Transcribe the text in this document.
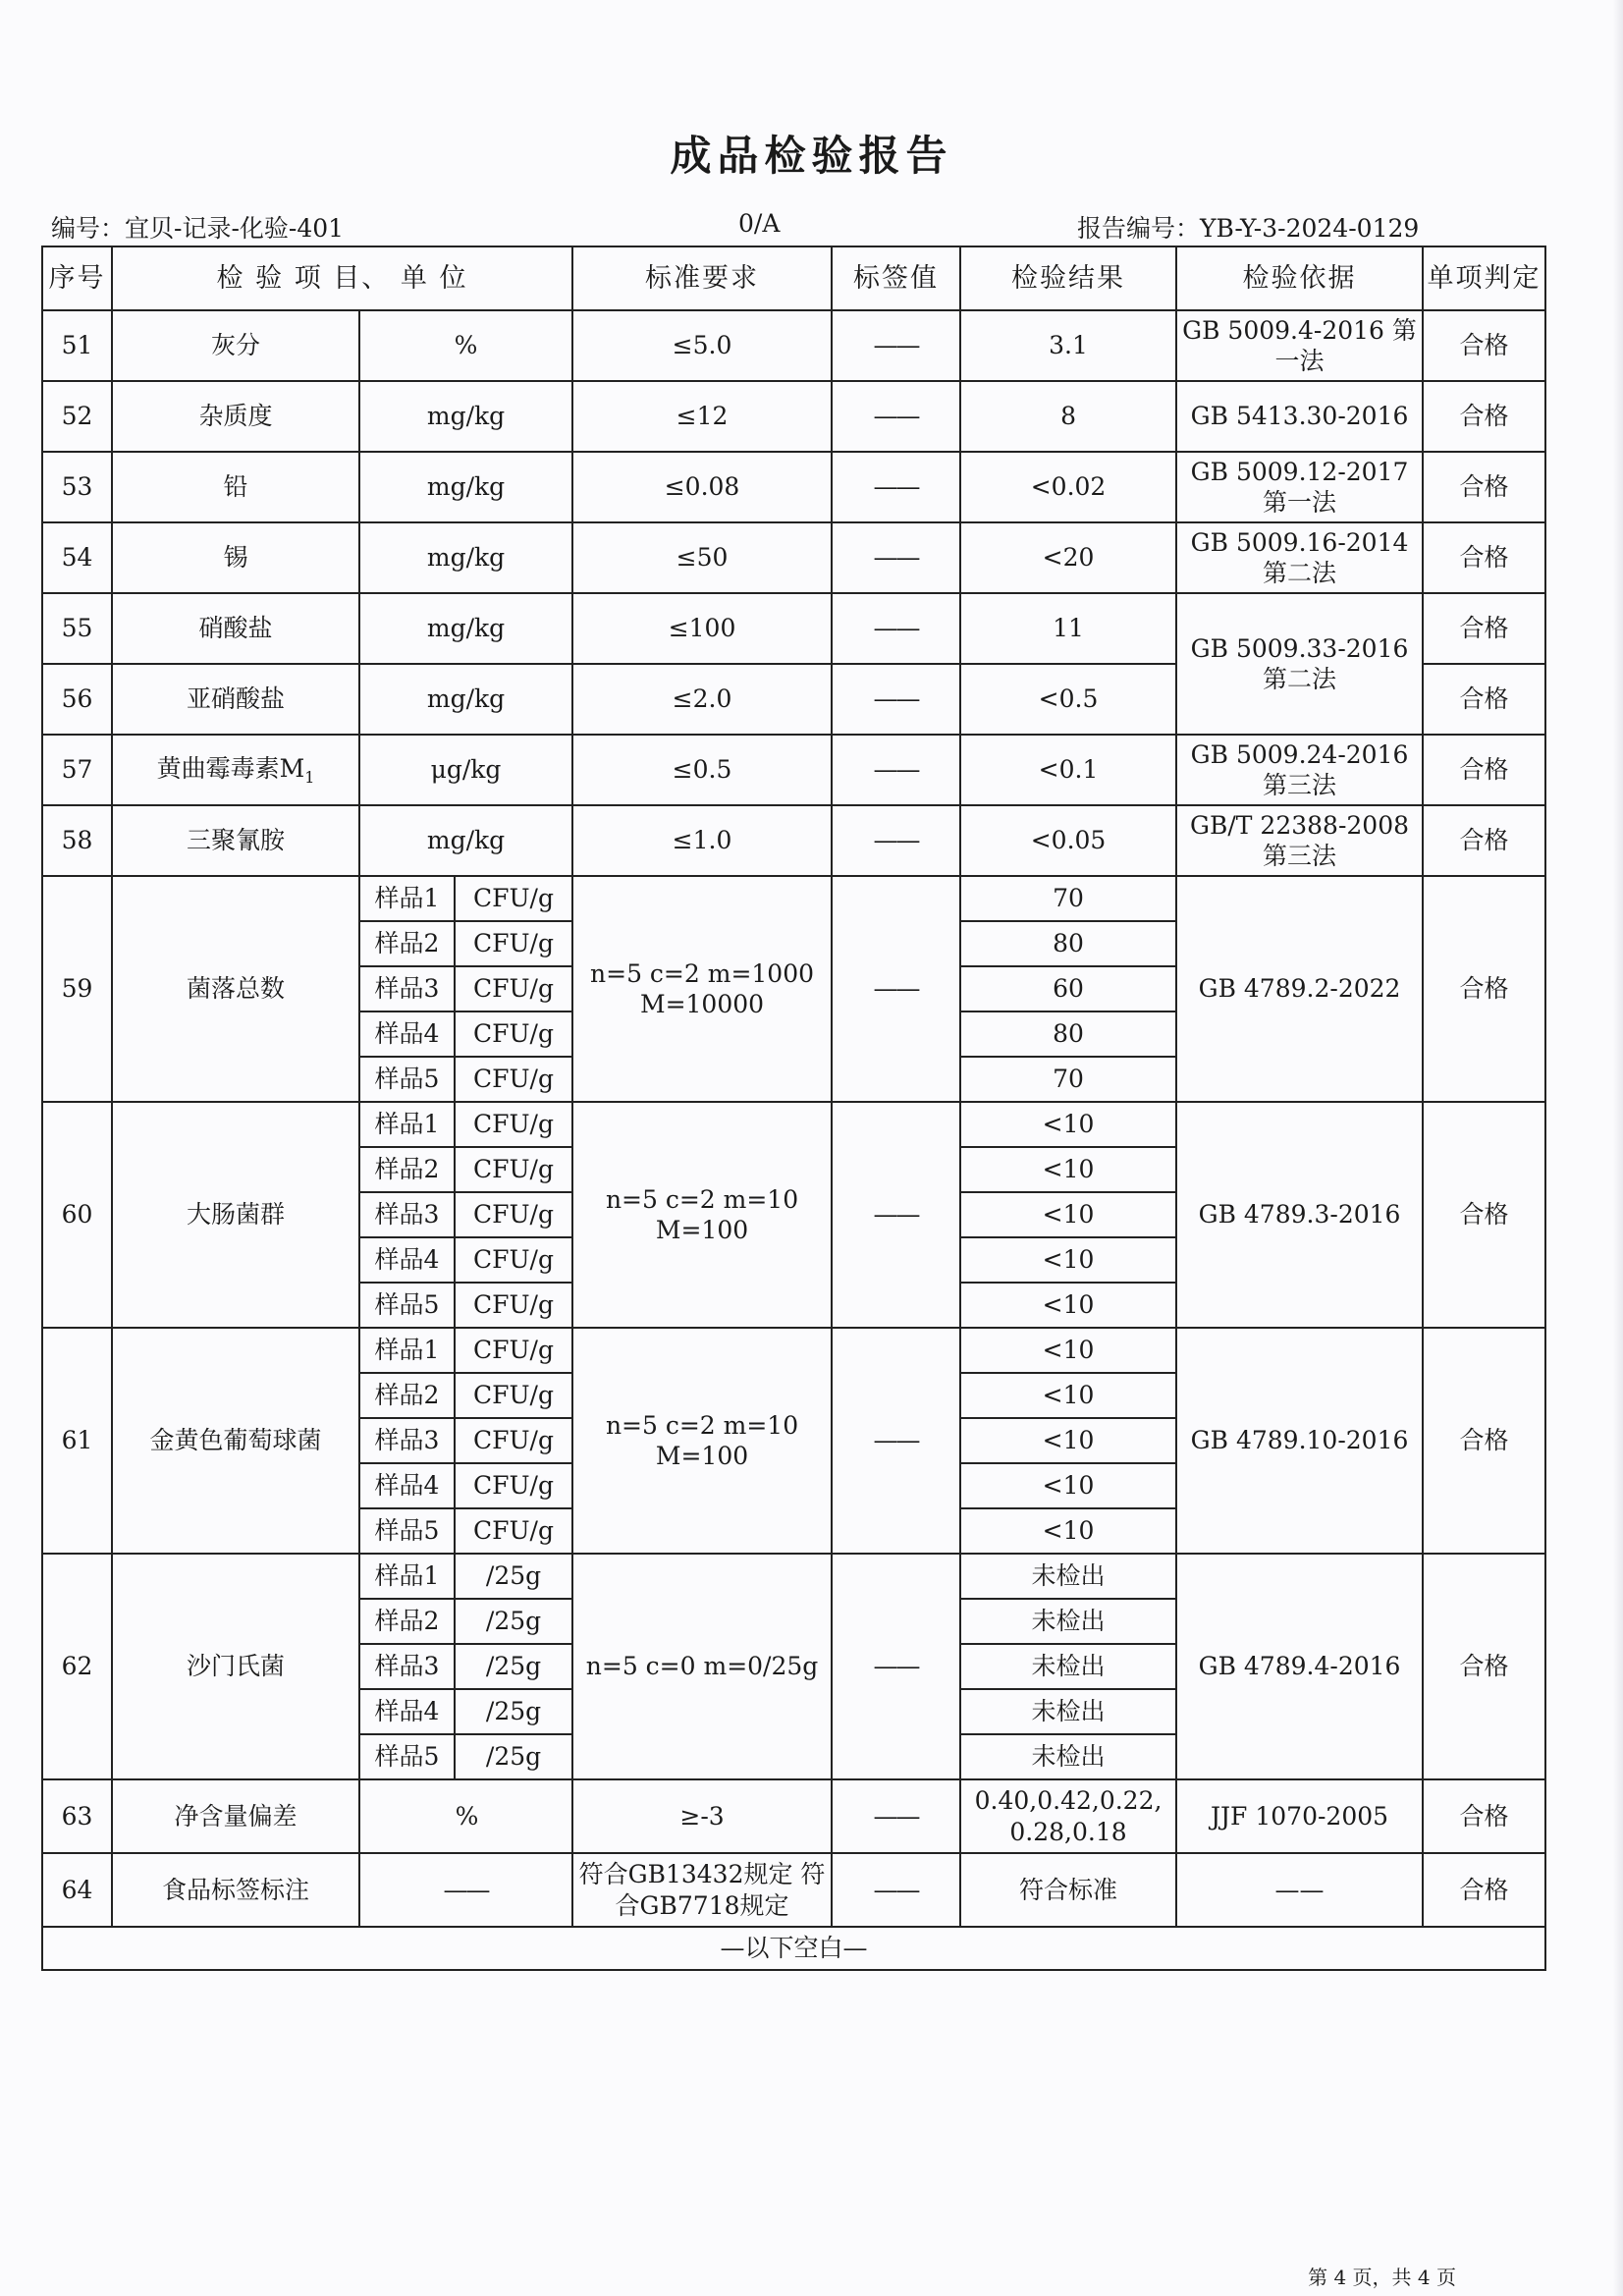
成品检验报告
编号：宜贝-记录-化验-401	0/A	报告编号：YB-Y-3-2024-0129
序号	检 验 项 目、 单 位			标准要求	标签值	检验结果	检验依据	单项判定
51	灰分	%		≤5.0	——	3.1	GB 5009.4-2016 第一法	合格
52	杂质度	mg/kg		≤12	——	8	GB 5413.30-2016	合格
53	铅	mg/kg		≤0.08	——	<0.02	GB 5009.12-2017 第一法	合格
54	锡	mg/kg		≤50	——	<20	GB 5009.16-2014 第二法	合格
55	硝酸盐	mg/kg		≤100	——	11	GB 5009.33-2016 第二法	合格
56	亚硝酸盐	mg/kg		≤2.0	——	<0.5		合格
57	黄曲霉毒素$M_1$	μg/kg		≤0.5	——	<0.1	GB 5009.24-2016 第三法	合格
58	三聚氰胺	mg/kg		≤1.0	——	<0.05	GB/T 22388-2008 第三法	合格
59	菌落总数	样品1	CFU/g	n=5 c=2 m=1000 M=10000	——	70	GB 4789.2-2022	合格
		样品2	CFU/g			80		
		样品3	CFU/g			60		
		样品4	CFU/g			80		
		样品5	CFU/g			70		
60	大肠菌群	样品1	CFU/g	n=5 c=2 m=10 M=100	——	<10	GB 4789.3-2016	合格
		样品2	CFU/g			<10		
		样品3	CFU/g			<10		
		样品4	CFU/g			<10		
		样品5	CFU/g			<10		
61	金黄色葡萄球菌	样品1	CFU/g	n=5 c=2 m=10 M=100	——	<10	GB 4789.10-2016	合格
		样品2	CFU/g			<10		
		样品3	CFU/g			<10		
		样品4	CFU/g			<10		
		样品5	CFU/g			<10		
62	沙门氏菌	样品1	/25g	n=5 c=0 m=0/25g	——	未检出	GB 4789.4-2016	合格
		样品2	/25g			未检出		
		样品3	/25g			未检出		
		样品4	/25g			未检出		
		样品5	/25g			未检出		
63	净含量偏差	%		≥-3	——	0.40,0.42,0.22, 0.28,0.18	JJF 1070-2005	合格
64	食品标签标注	——		符合GB13432规定 符合GB7718规定	——	符合标准	——	合格
—以下空白—								
第 4 页，共 4 页
